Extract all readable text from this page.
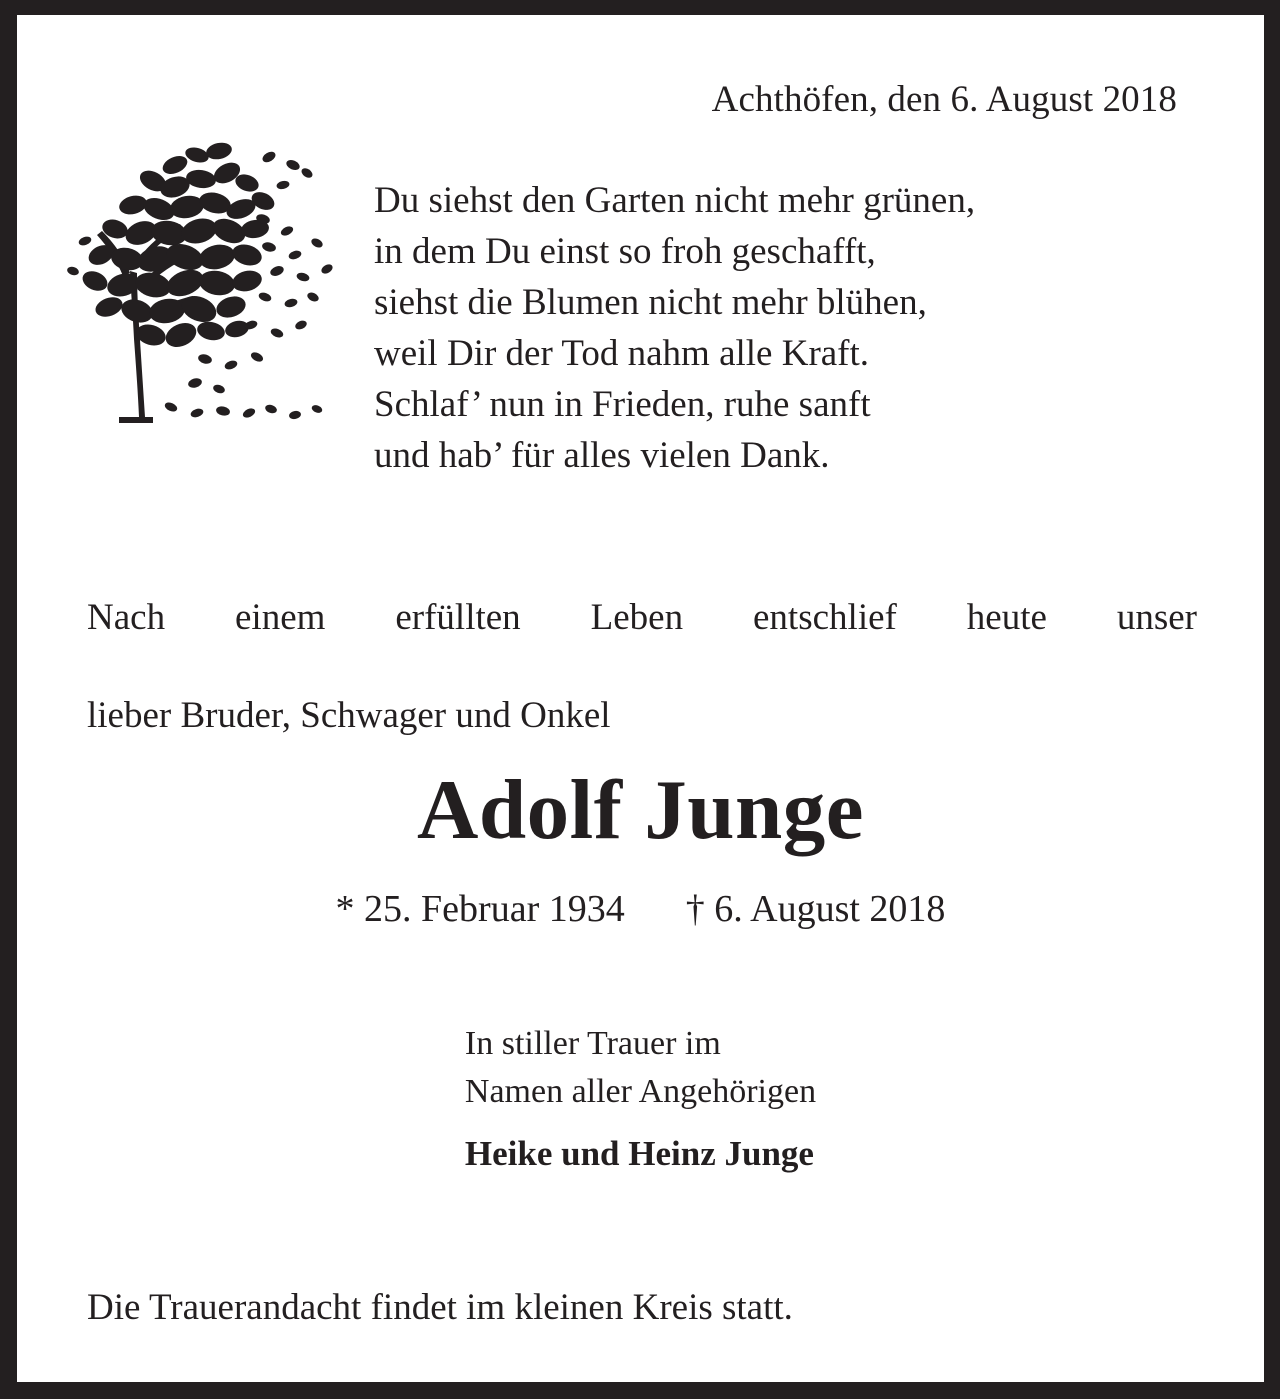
Achthöfen, den 6. August 2018
Du siehst den Garten nicht mehr grünen,
in dem Du einst so froh geschafft,
siehst die Blumen nicht mehr blühen,
weil Dir der Tod nahm alle Kraft.
Schlaf’ nun in Frieden, ruhe sanft
und hab’ für alles vielen Dank.
Nach einem erfüllten Leben entschlief heute unser
lieber Bruder, Schwager und Onkel
Adolf Junge
* 25. Februar 1934 † 6. August 2018
In stiller Trauer im
Namen aller Angehörigen
Heike und Heinz Junge
Die Trauerandacht findet im kleinen Kreis statt.
